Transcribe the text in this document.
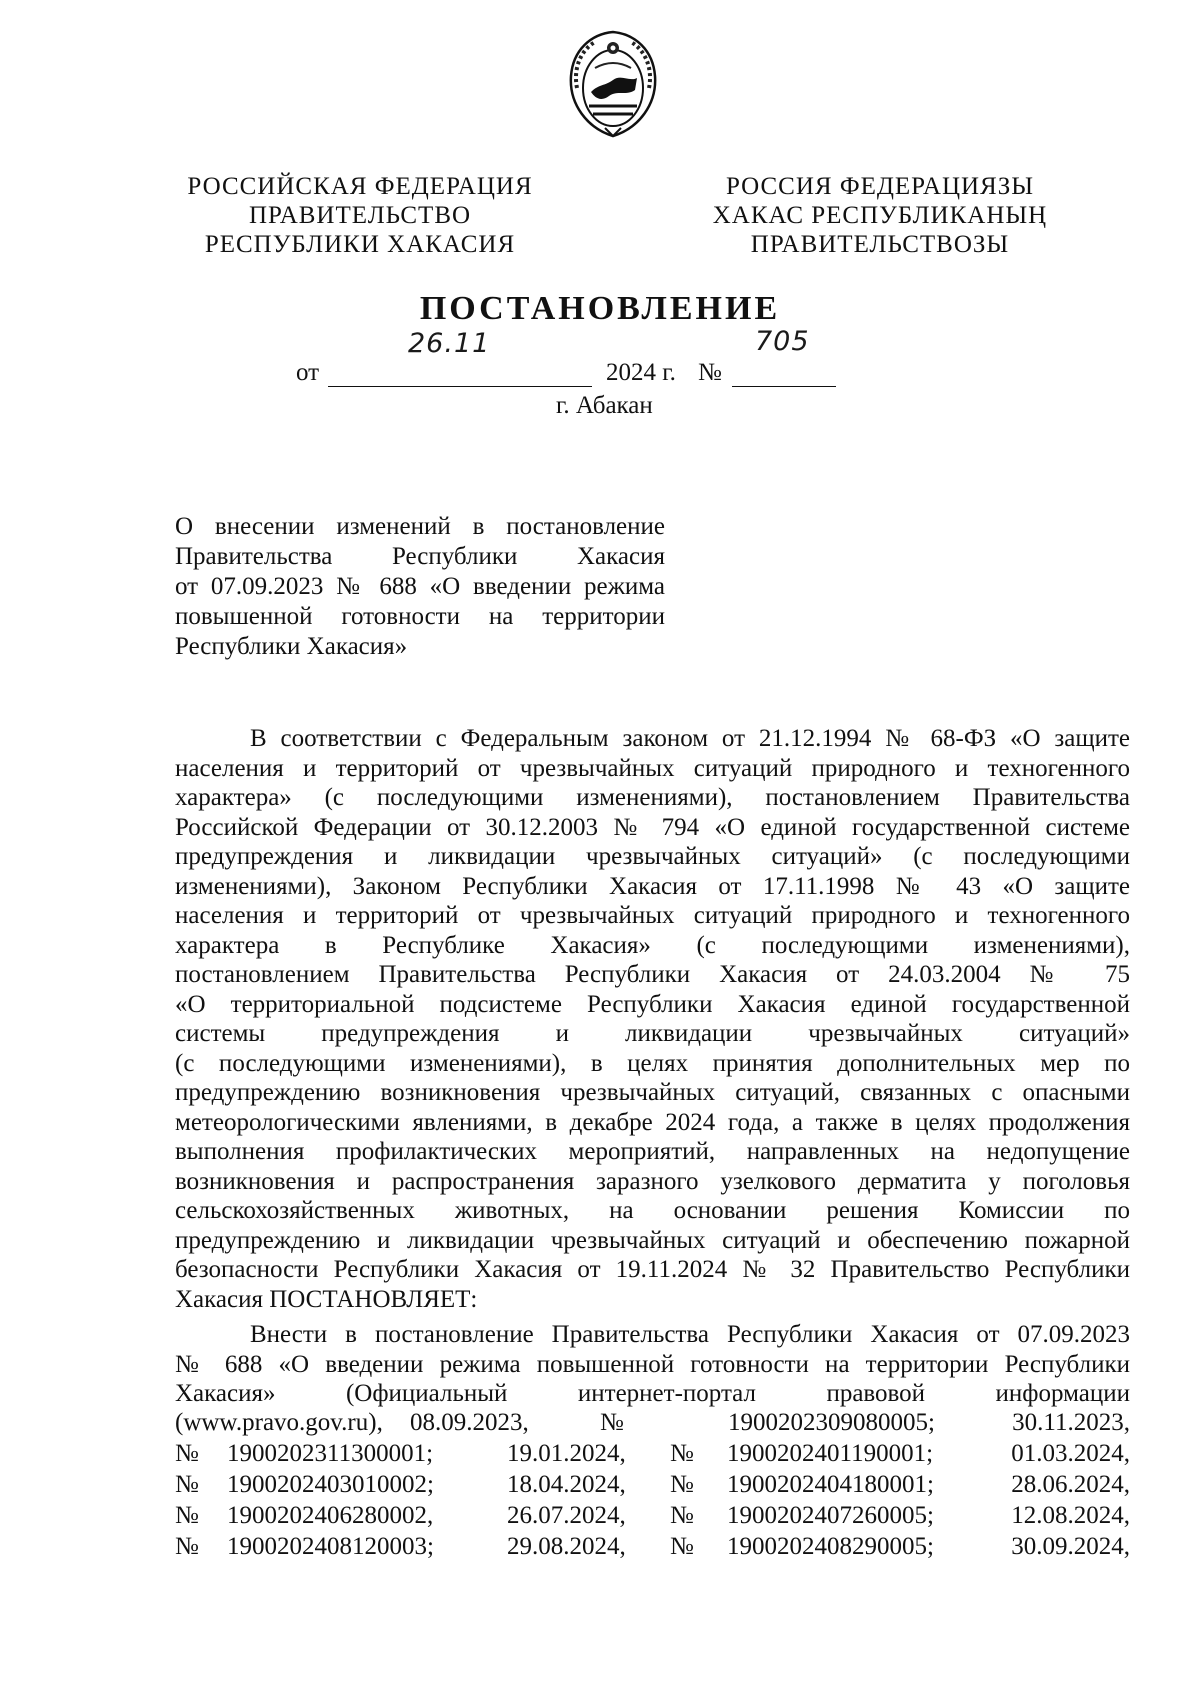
РОССИЙСКАЯ ФЕДЕРАЦИЯ
ПРАВИТЕЛЬСТВО
РЕСПУБЛИКИ ХАКАСИЯ
РОССИЯ ФЕДЕРАЦИЯЗЫ
ХАКАС РЕСПУБЛИКАНЫҢ
ПРАВИТЕЛЬСТВОЗЫ
ПОСТАНОВЛЕНИЕ
от
26.11
2024 г. №
705
г. Абакан
О внесении изменений в постановление
Правительства Республики Хакасия
от 07.09.2023 № 688 «О введении режима
повышенной готовности на территории
Республики Хакасия»
В соответствии с Федеральным законом от 21.12.1994 № 68-ФЗ «О защите
населения и территорий от чрезвычайных ситуаций природного и техногенного
характера» (с последующими изменениями), постановлением Правительства
Российской Федерации от 30.12.2003 № 794 «О единой государственной системе
предупреждения и ликвидации чрезвычайных ситуаций» (с последующими
изменениями), Законом Республики Хакасия от 17.11.1998 № 43 «О защите
населения и территорий от чрезвычайных ситуаций природного и техногенного
характера в Республике Хакасия» (с последующими изменениями),
постановлением Правительства Республики Хакасия от 24.03.2004 № 75
«О территориальной подсистеме Республики Хакасия единой государственной
системы предупреждения и ликвидации чрезвычайных ситуаций»
(с последующими изменениями), в целях принятия дополнительных мер по
предупреждению возникновения чрезвычайных ситуаций, связанных с опасными
метеорологическими явлениями, в декабре 2024 года, а также в целях продолжения
выполнения профилактических мероприятий, направленных на недопущение
возникновения и распространения заразного узелкового дерматита у поголовья
сельскохозяйственных животных, на основании решения Комиссии по
предупреждению и ликвидации чрезвычайных ситуаций и обеспечению пожарной
безопасности Республики Хакасия от 19.11.2024 № 32 Правительство Республики
Хакасия ПОСТАНОВЛЯЕТ:
Внести в постановление Правительства Республики Хакасия от 07.09.2023
№ 688 «О введении режима повышенной готовности на территории Республики
Хакасия» (Официальный интернет-портал правовой информации
(www.pravo.gov.ru), 08.09.2023,	№	1900202309080005;	30.11.2023,
№ 1900202311300001;	19.01.2024, № 1900202401190001;	01.03.2024,
№ 1900202403010002;	18.04.2024, № 1900202404180001;	28.06.2024,
№ 1900202406280002,	26.07.2024, № 1900202407260005;	12.08.2024,
№ 1900202408120003;	29.08.2024, № 1900202408290005;	30.09.2024,
